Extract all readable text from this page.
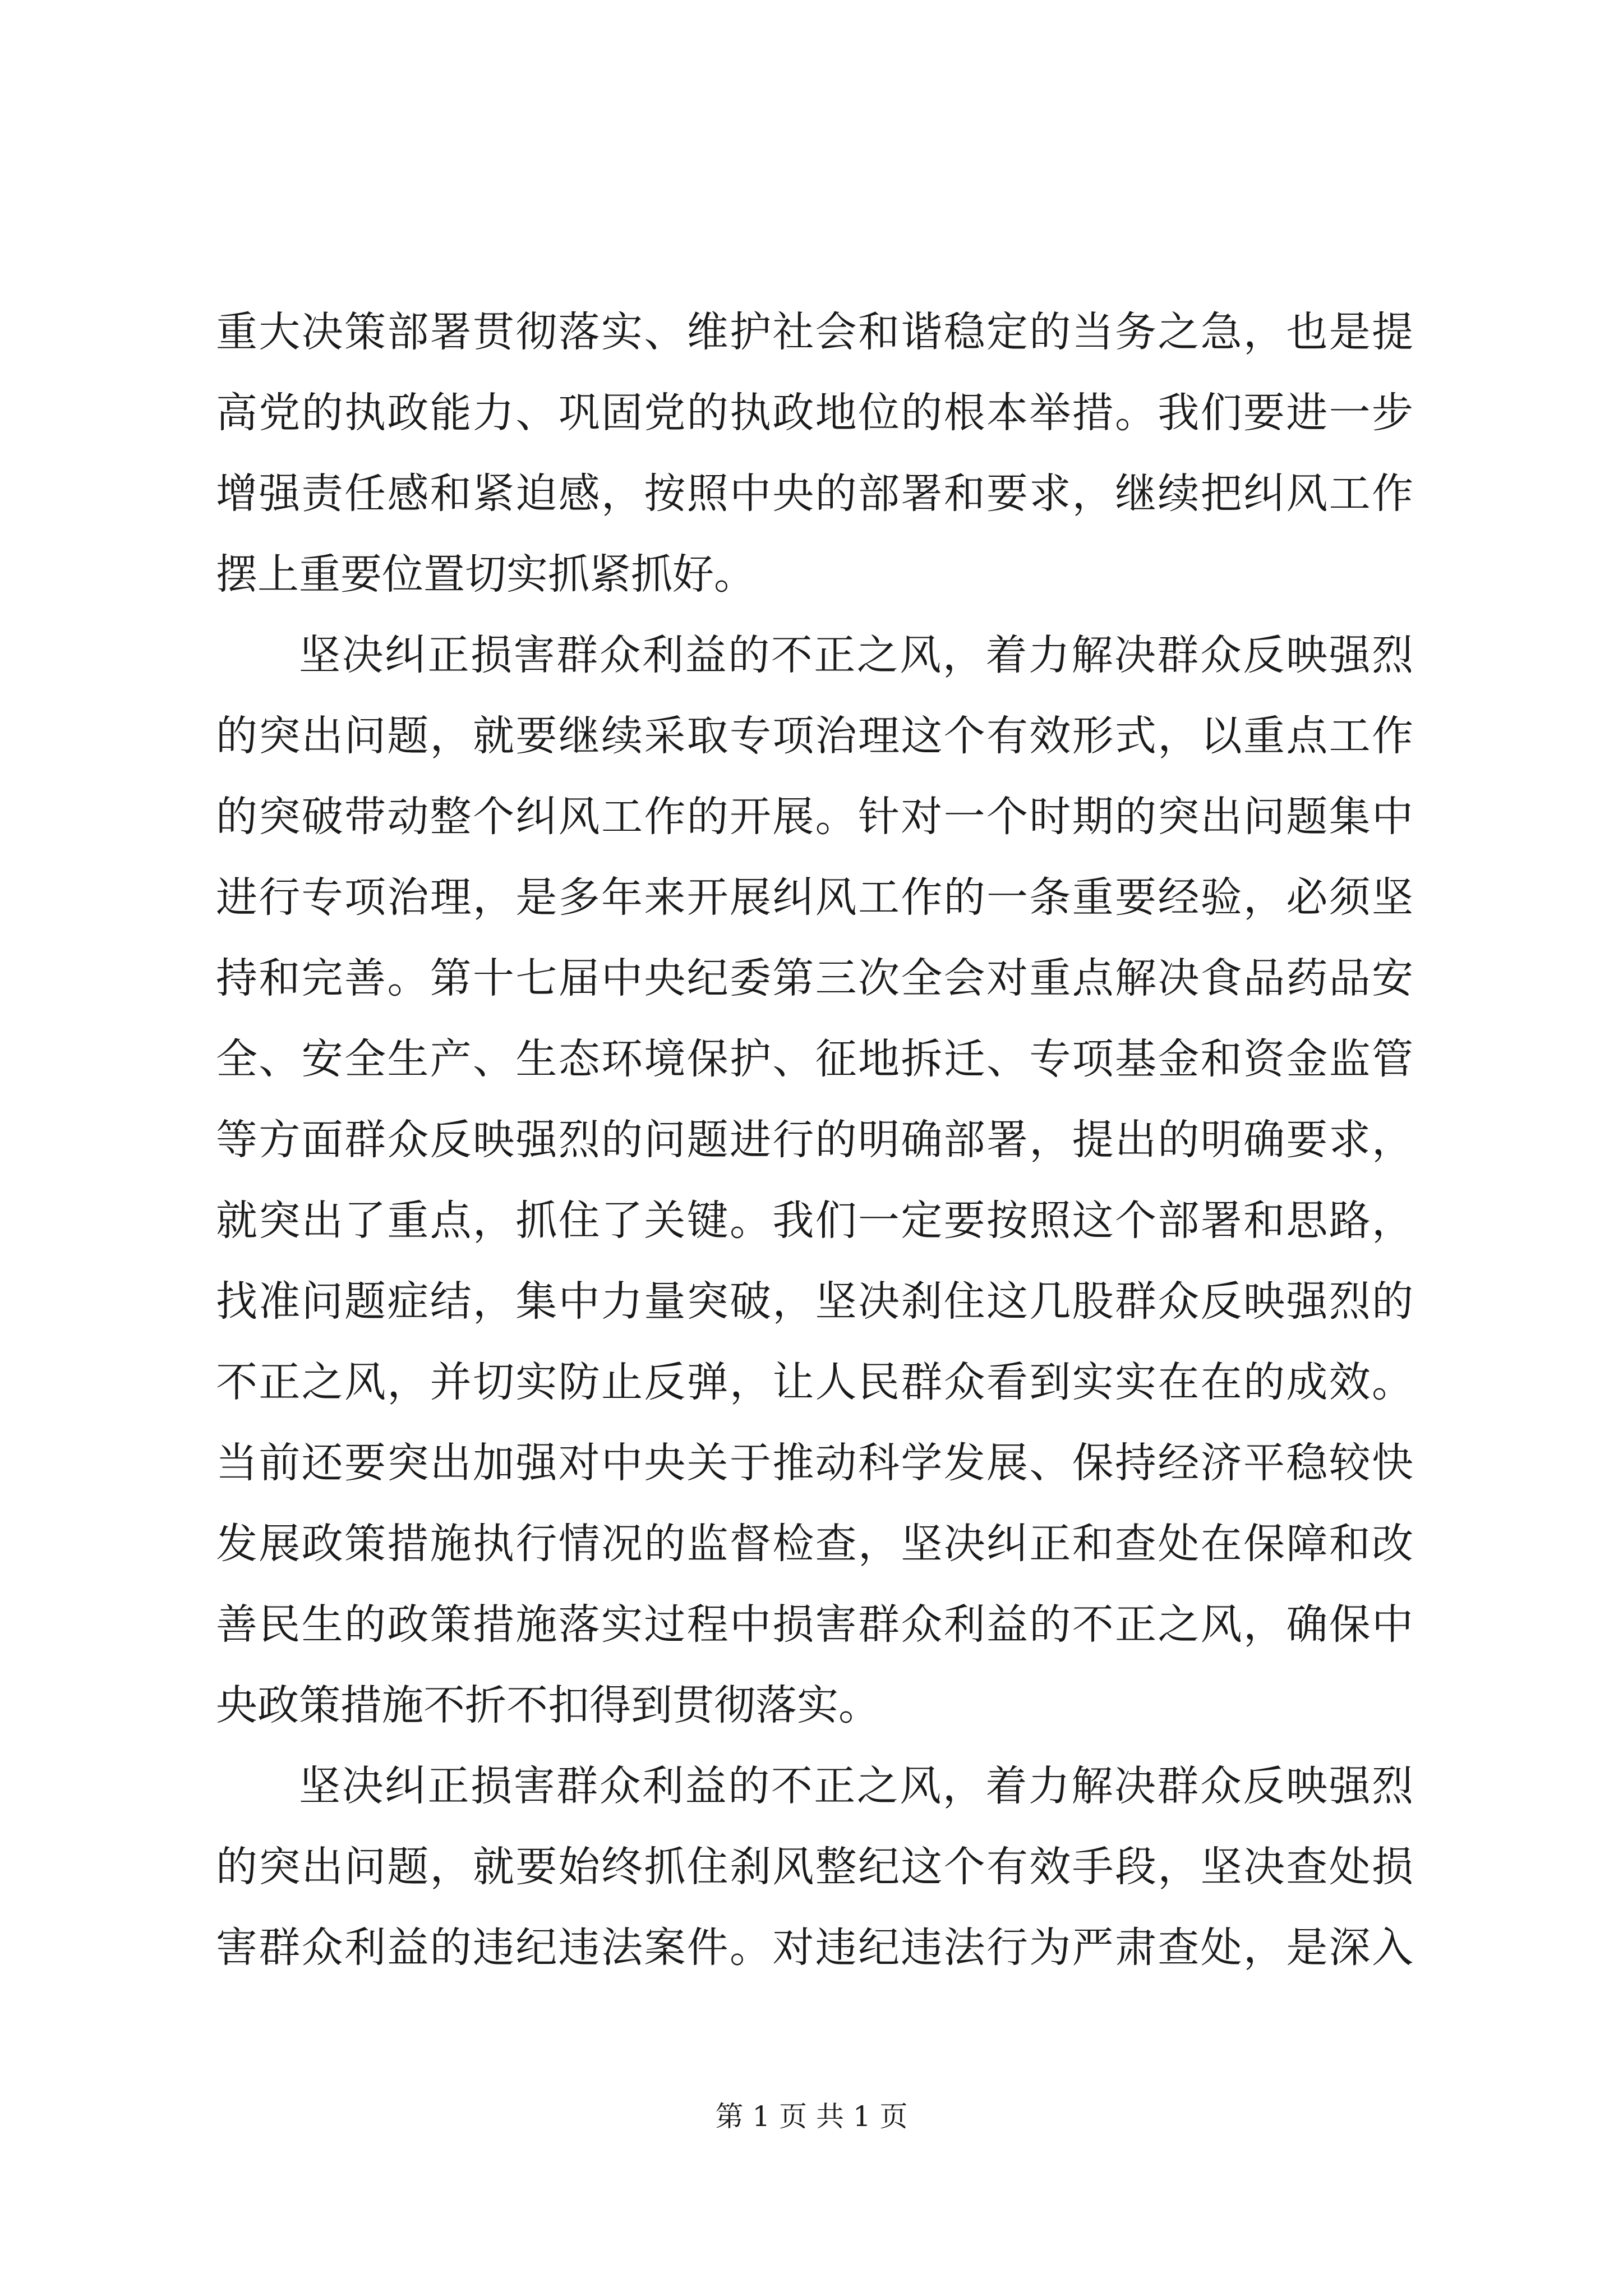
重大决策部署贯彻落实、维护社会和谐稳定的当务之急，也是提
高党的执政能力、巩固党的执政地位的根本举措。我们要进一步
增强责任感和紧迫感，按照中央的部署和要求，继续把纠风工作
摆上重要位置切实抓紧抓好。
坚决纠正损害群众利益的不正之风，着力解决群众反映强烈
的突出问题，就要继续采取专项治理这个有效形式，以重点工作
的突破带动整个纠风工作的开展。针对一个时期的突出问题集中
进行专项治理，是多年来开展纠风工作的一条重要经验，必须坚
持和完善。第十七届中央纪委第三次全会对重点解决食品药品安
全、安全生产、生态环境保护、征地拆迁、专项基金和资金监管
等方面群众反映强烈的问题进行的明确部署，提出的明确要求，
就突出了重点，抓住了关键。我们一定要按照这个部署和思路，
找准问题症结，集中力量突破，坚决刹住这几股群众反映强烈的
不正之风，并切实防止反弹，让人民群众看到实实在在的成效。
当前还要突出加强对中央关于推动科学发展、保持经济平稳较快
发展政策措施执行情况的监督检查，坚决纠正和查处在保障和改
善民生的政策措施落实过程中损害群众利益的不正之风，确保中
央政策措施不折不扣得到贯彻落实。
坚决纠正损害群众利益的不正之风，着力解决群众反映强烈
的突出问题，就要始终抓住刹风整纪这个有效手段，坚决查处损
害群众利益的违纪违法案件。对违纪违法行为严肃查处，是深入
第 1 页 共 1 页
